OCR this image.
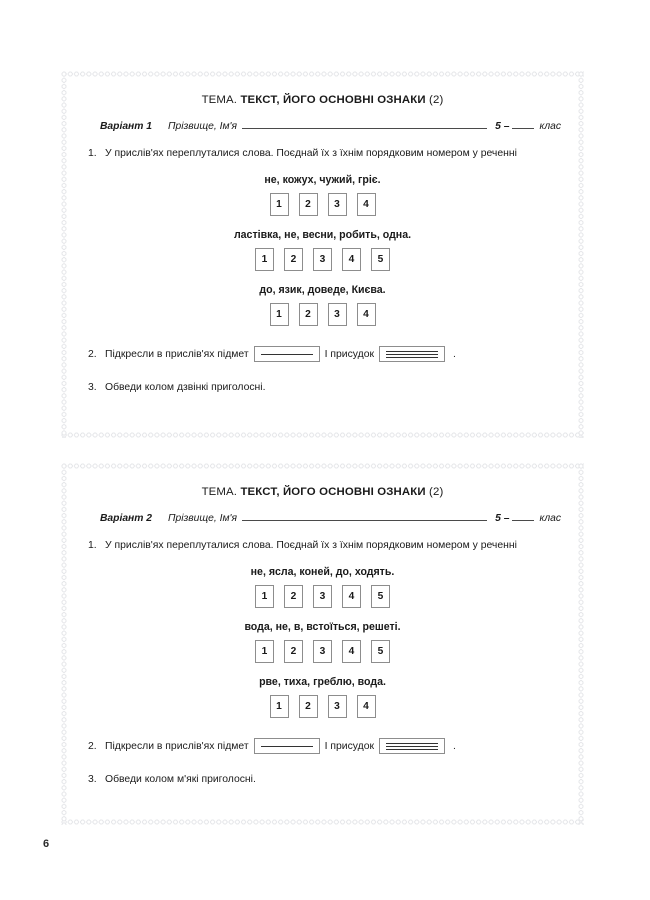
ТЕМА. ТЕКСТ, ЙОГО ОСНОВНІ ОЗНАКИ (2)
Варіант 1 Прізвище, Ім'я	5 –	клас
1. У прислів'ях переплуталися слова. Поєднай їх з їхнім порядковим номером у реченні
не, кожух, чужий, гріє.
1	2	3	4
ластівка, не, весни, робить, одна.
1	2	3	4	5
до, язик, доведе, Києва.
1	2	3	4
2. Підкресли в прислів'ях підмет	І присудок	.
3. Обведи колом дзвінкі приголосні.
ТЕМА. ТЕКСТ, ЙОГО ОСНОВНІ ОЗНАКИ (2)
Варіант 2 Прізвище, Ім'я	5 –	клас
1. У прислів'ях переплуталися слова. Поєднай їх з їхнім порядковим номером у реченні
не, ясла, коней, до, ходять.
1	2	3	4	5
вода, не, в, встоїться, решеті.
1	2	3	4	5
рве, тиха, греблю, вода.
1	2	3	4
2. Підкресли в прислів'ях підмет	І присудок	.
3. Обведи колом м'які приголосні.
6
